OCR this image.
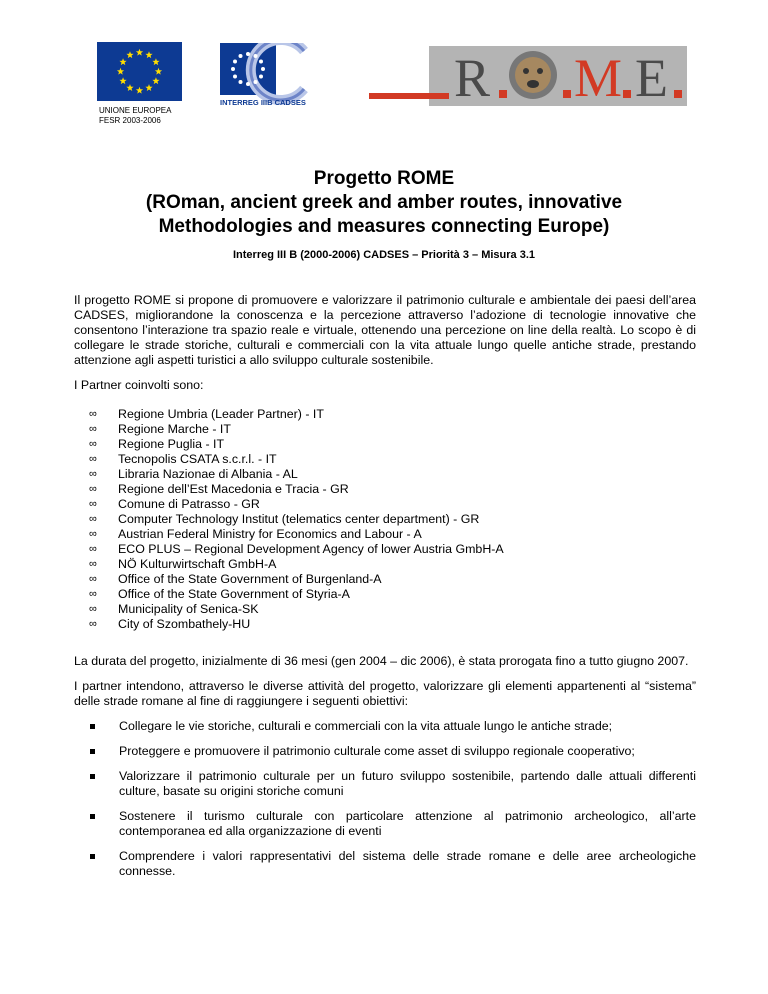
UNIONE EUROPEA
FESR 2003-2006
INTERREG IIIB CADSES	R M E
Progetto ROME
(ROman, ancient greek and amber routes, innovative
Methodologies and measures connecting Europe)
Interreg III B (2000-2006) CADSES – Priorità 3 – Misura 3.1

Il progetto ROME si propone di promuovere e valorizzare il patrimonio culturale e ambientale dei paesi dell’area CADSES, migliorandone la conoscenza e la percezione attraverso l’adozione di tecnologie innovative che consentono l’interazione tra spazio reale e virtuale, ottenendo una percezione on line della realtà. Lo scopo è di collegare le strade storiche, culturali e commerciali con la vita attuale lungo quelle antiche strade, prestando attenzione agli aspetti turistici a allo sviluppo culturale sostenibile.

I Partner coinvolti sono:

∞ Regione Umbria (Leader Partner) - IT
∞ Regione Marche - IT
∞ Regione Puglia - IT
∞ Tecnopolis CSATA s.c.r.l. - IT
∞ Libraria Nazionae di Albania - AL
∞ Regione dell’Est Macedonia e Tracia - GR
∞ Comune di Patrasso - GR
∞ Computer Technology Institut (telematics center department) - GR
∞ Austrian Federal Ministry for Economics and Labour - A
∞ ECO PLUS – Regional Development Agency of lower Austria GmbH-A
∞ NÖ Kulturwirtschaft GmbH-A
∞ Office of the State Government of Burgenland-A
∞ Office of the State Government of Styria-A
∞ Municipality of Senica-SK
∞ City of Szombathely-HU

La durata del progetto, inizialmente di 36 mesi (gen 2004 – dic 2006), è stata prorogata fino a tutto giugno 2007.

I partner intendono, attraverso le diverse attività del progetto, valorizzare gli elementi appartenenti al “sistema” delle strade romane al fine di raggiungere i seguenti obiettivi:

Collegare le vie storiche, culturali e commerciali con la vita attuale lungo le antiche strade;
Proteggere e promuovere il patrimonio culturale come asset di sviluppo regionale cooperativo;
Valorizzare il patrimonio culturale per un futuro sviluppo sostenibile, partendo dalle attuali differenti culture, basate su origini storiche comuni
Sostenere il turismo culturale con particolare attenzione al patrimonio archeologico, all’arte contemporanea ed alla organizzazione di eventi
Comprendere i valori rappresentativi del sistema delle strade romane e delle aree archeologiche connesse.
